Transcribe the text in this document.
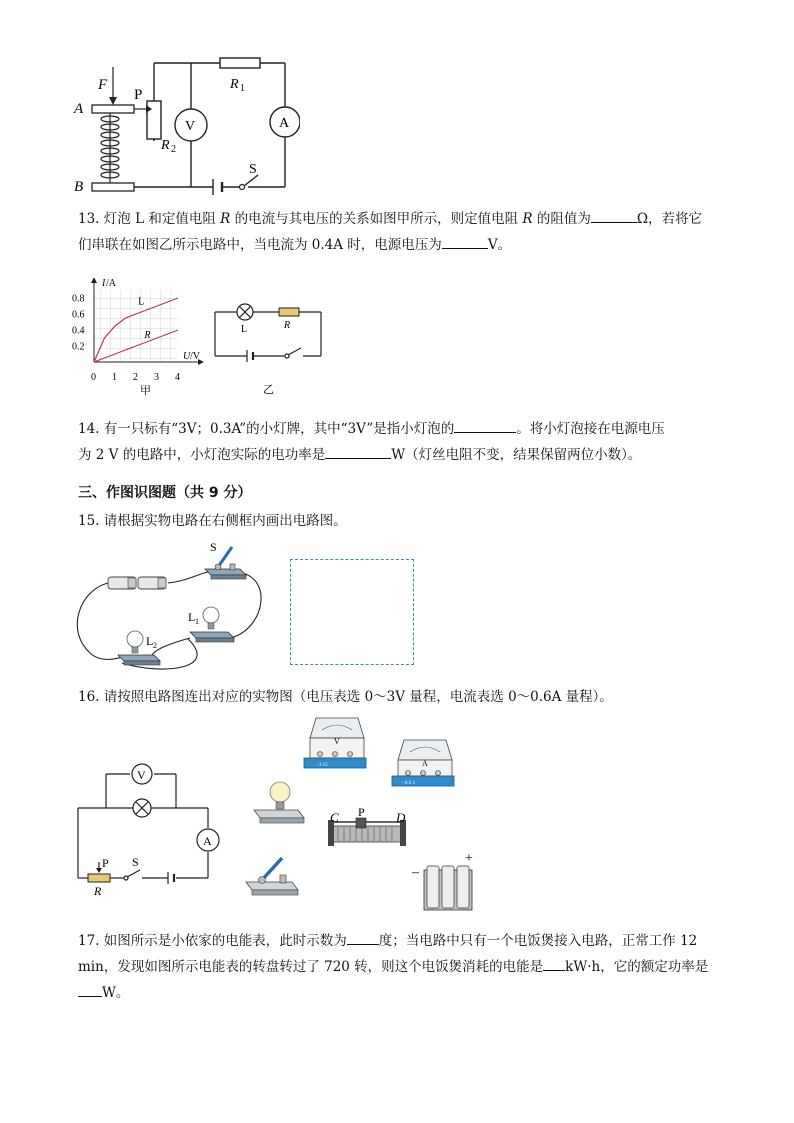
F
A
B
P
R 2
R 1
V	A
S
13. 灯泡 L 和定值电阻 R 的电流与其电压的关系如图甲所示，则定值电阻 R 的阻值为	Ω，若将它
们串联在如图乙所示电路中，当电流为 0.4A 时，电源电压为	V。
I /A
U /V
甲
0.8
0.6
0.4
0.2
0 1 2 3 4
L
R
L	R
乙
14. 有一只标有“3V；0.3A”的小灯牌，其中“3V”是指小灯泡的	。将小灯泡接在电源电压
为 2 V 的电路中，小灯泡实际的电功率是	W（灯丝电阻不变，结果保留两位小数）。
三、作图识图题（共 9 分）
15. 请根据实物电路在右侧框内画出电路图。
S
L 1
L 2
16. 请按照电路图连出对应的实物图（电压表选 0～3V 量程，电流表选 0～0.6A 量程）。
V
A
P S
R
V
- 3 15	A
- 0.6 3
C P D
+
–
17. 如图所示是小依家的电能表，此时示数为 度；当电路中只有一个电饭煲接入电路，正常工作 12
min，发现如图所示电能表的转盘转过了 720 转，则这个电饭煲消耗的电能是 kW·h，它的额定功率是
W。
